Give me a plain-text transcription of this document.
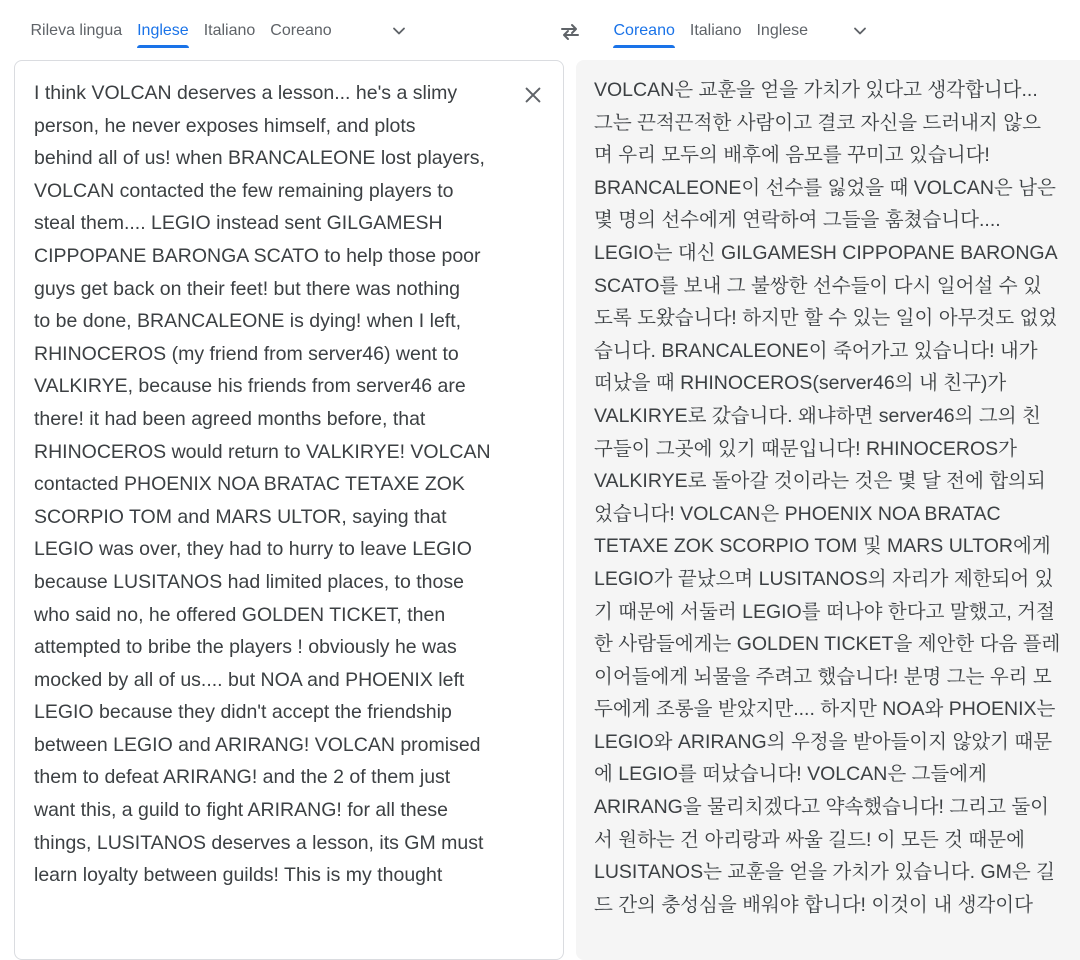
Rileva lingua Inglese Italiano Coreano	Coreano Italiano Inglese
I think VOLCAN deserves a lesson... he's a slimy
person, he never exposes himself, and plots
behind all of us! when BRANCALEONE lost players,
VOLCAN contacted the few remaining players to
steal them.... LEGIO instead sent GILGAMESH
CIPPOPANE BARONGA SCATO to help those poor
guys get back on their feet! but there was nothing
to be done, BRANCALEONE is dying! when I left,
RHINOCEROS (my friend from server46) went to
VALKIRYE, because his friends from server46 are
there! it had been agreed months before, that
RHINOCEROS would return to VALKIRYE! VOLCAN
contacted PHOENIX NOA BRATAC TETAXE ZOK
SCORPIO TOM and MARS ULTOR, saying that
LEGIO was over, they had to hurry to leave LEGIO
because LUSITANOS had limited places, to those
who said no, he offered GOLDEN TICKET, then
attempted to bribe the players ! obviously he was
mocked by all of us.... but NOA and PHOENIX left
LEGIO because they didn't accept the friendship
between LEGIO and ARIRANG! VOLCAN promised
them to defeat ARIRANG! and the 2 of them just
want this, a guild to fight ARIRANG! for all these
things, LUSITANOS deserves a lesson, its GM must
learn loyalty between guilds! This is my thought
VOLCAN은 교훈을 얻을 가치가 있다고 생각합니다...
그는 끈적끈적한 사람이고 결코 자신을 드러내지 않으
며 우리 모두의 배후에 음모를 꾸미고 있습니다!
BRANCALEONE이 선수를 잃었을 때 VOLCAN은 남은
몇 명의 선수에게 연락하여 그들을 훔쳤습니다....
LEGIO는 대신 GILGAMESH CIPPOPANE BARONGA
SCATO를 보내 그 불쌍한 선수들이 다시 일어설 수 있
도록 도왔습니다! 하지만 할 수 있는 일이 아무것도 없었
습니다. BRANCALEONE이 죽어가고 있습니다! 내가
떠났을 때 RHINOCEROS(server46의 내 친구)가
VALKIRYE로 갔습니다. 왜냐하면 server46의 그의 친
구들이 그곳에 있기 때문입니다! RHINOCEROS가
VALKIRYE로 돌아갈 것이라는 것은 몇 달 전에 합의되
었습니다! VOLCAN은 PHOENIX NOA BRATAC
TETAXE ZOK SCORPIO TOM 및 MARS ULTOR에게
LEGIO가 끝났으며 LUSITANOS의 자리가 제한되어 있
기 때문에 서둘러 LEGIO를 떠나야 한다고 말했고, 거절
한 사람들에게는 GOLDEN TICKET을 제안한 다음 플레
이어들에게 뇌물을 주려고 했습니다! 분명 그는 우리 모
두에게 조롱을 받았지만.... 하지만 NOA와 PHOENIX는
LEGIO와 ARIRANG의 우정을 받아들이지 않았기 때문
에 LEGIO를 떠났습니다! VOLCAN은 그들에게
ARIRANG을 물리치겠다고 약속했습니다! 그리고 둘이
서 원하는 건 아리랑과 싸울 길드! 이 모든 것 때문에
LUSITANOS는 교훈을 얻을 가치가 있습니다. GM은 길
드 간의 충성심을 배워야 합니다! 이것이 내 생각이다
